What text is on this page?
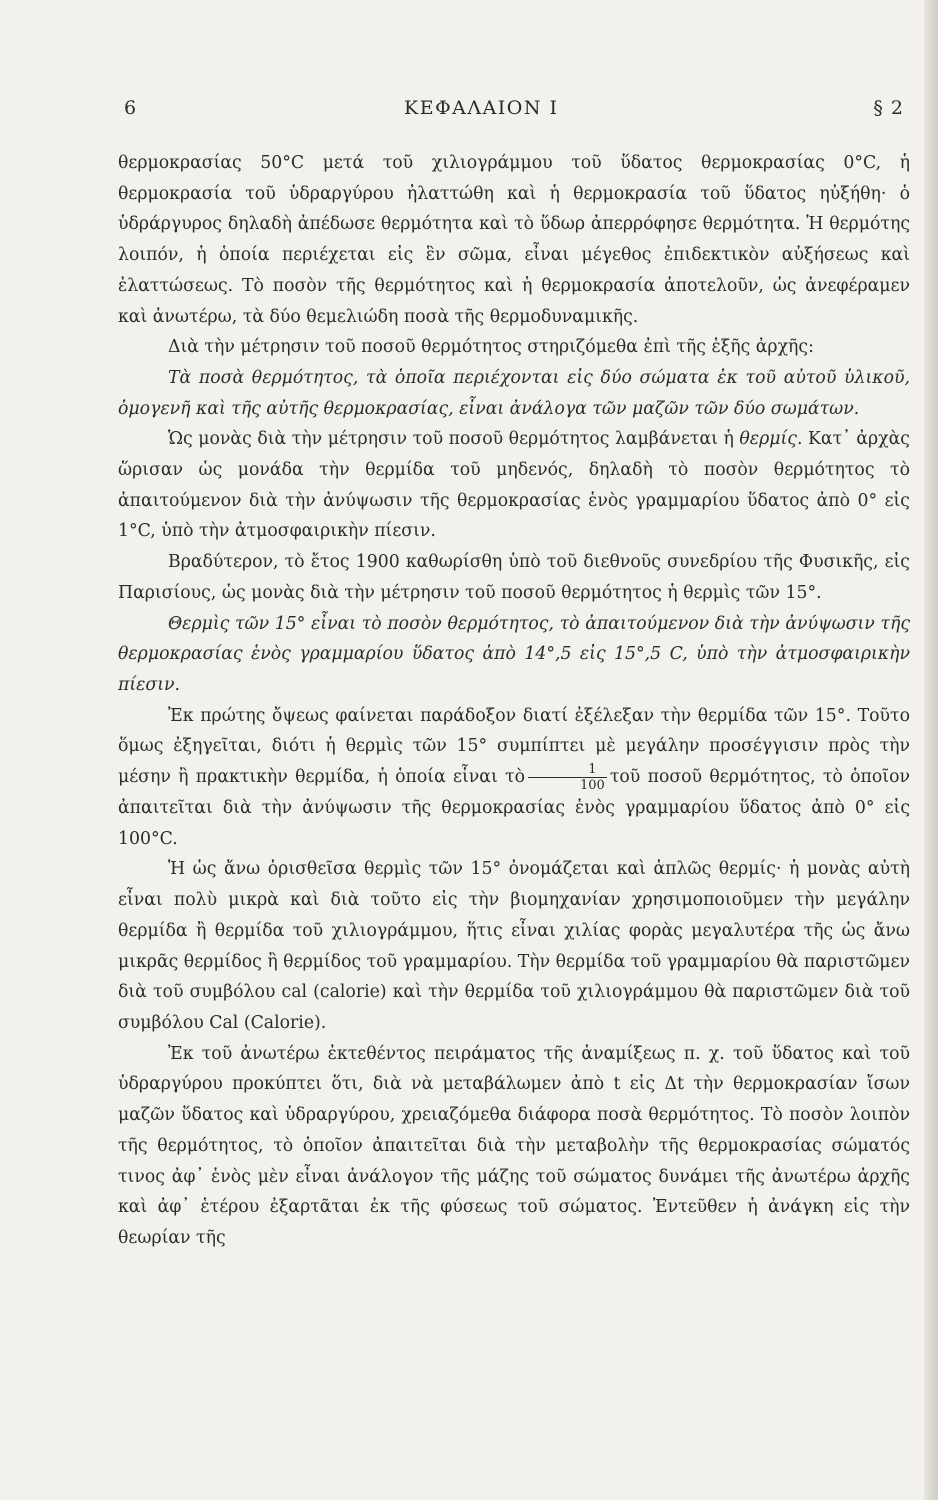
6	ΚΕΦΑΛΑΙΟΝ Ι	§ 2

θερμοκρασίας 50°C μετά τοῦ χιλιογράμμου τοῦ ὕδατος θερμοκρασίας 0°C, ἡ θερμοκρασία τοῦ ὑδραργύρου ἠλαττώθη καὶ ἡ θερμοκρασία τοῦ ὕδατος ηὐξήθη· ὁ ὑδράργυρος δηλαδὴ ἀπέδωσε θερμότητα καὶ τὸ ὕδωρ ἀπερρόφησε θερμότητα. Ἡ θερμότης λοιπόν, ἡ ὁποία περιέχεται εἰς ἓν σῶμα, εἶναι μέγεθος ἐπιδεκτικὸν αὐξήσεως καὶ ἐλαττώσεως. Τὸ ποσὸν τῆς θερμότητος καὶ ἡ θερμοκρασία ἀποτελοῦν, ὡς ἀνεφέραμεν καὶ ἀνωτέρω, τὰ δύο θεμελιώδη ποσὰ τῆς θερμοδυναμικῆς.

Διὰ τὴν μέτρησιν τοῦ ποσοῦ θερμότητος στηριζόμεθα ἐπὶ τῆς ἑξῆς ἀρχῆς:

Τὰ ποσὰ θερμότητος, τὰ ὁποῖα περιέχονται εἰς δύο σώματα ἐκ τοῦ αὐτοῦ ὑλικοῦ, ὁμογενῆ καὶ τῆς αὐτῆς θερμοκρασίας, εἶναι ἀνάλογα τῶν μαζῶν τῶν δύο σωμάτων.

Ὡς μονὰς διὰ τὴν μέτρησιν τοῦ ποσοῦ θερμότητος λαμβάνεται ἡ θερμίς. Κατ᾿ ἀρχὰς ὥρισαν ὡς μονάδα τὴν θερμίδα τοῦ μηδενός, δηλαδὴ τὸ ποσὸν θερμότητος τὸ ἀπαιτούμενον διὰ τὴν ἀνύψωσιν τῆς θερμοκρασίας ἑνὸς γραμμαρίου ὕδατος ἀπὸ 0° εἰς 1°C, ὑπὸ τὴν ἀτμοσφαιρικὴν πίεσιν.

Βραδύτερον, τὸ ἔτος 1900 καθωρίσθη ὑπὸ τοῦ διεθνοῦς συνεδρίου τῆς Φυσικῆς, εἰς Παρισίους, ὡς μονὰς διὰ τὴν μέτρησιν τοῦ ποσοῦ θερμότητος ἡ θερμὶς τῶν 15°.

Θερμὶς τῶν 15° εἶναι τὸ ποσὸν θερμότητος, τὸ ἀπαιτούμενον διὰ τὴν ἀνύψωσιν τῆς θερμοκρασίας ἑνὸς γραμμαρίου ὕδατος ἀπὸ 14°,5 εἰς 15°,5 C, ὑπὸ τὴν ἀτμοσφαιρικὴν πίεσιν.

Ἐκ πρώτης ὄψεως φαίνεται παράδοξον διατί ἐξέλεξαν τὴν θερμίδα τῶν 15°. Τοῦτο ὅμως ἐξηγεῖται, διότι ἡ θερμὶς τῶν 15° συμπίπτει μὲ μεγάλην προσέγγισιν πρὸς τὴν μέσην ἢ πρακτικὴν θερμίδα, ἡ ὁποία εἶναι τὸ $\frac{1}{100}$ τοῦ ποσοῦ θερμότητος, τὸ ὁποῖον ἀπαιτεῖται διὰ τὴν ἀνύψωσιν τῆς θερμοκρασίας ἑνὸς γραμμαρίου ὕδατος ἀπὸ 0° εἰς 100°C.

Ἡ ὡς ἄνω ὁρισθεῖσα θερμὶς τῶν 15° ὀνομάζεται καὶ ἁπλῶς θερμίς· ἡ μονὰς αὐτὴ εἶναι πολὺ μικρὰ καὶ διὰ τοῦτο εἰς τὴν βιομηχανίαν χρησιμοποιοῦμεν τὴν μεγάλην θερμίδα ἢ θερμίδα τοῦ χιλιογράμμου, ἥτις εἶναι χιλίας φορὰς μεγαλυτέρα τῆς ὡς ἄνω μικρᾶς θερμίδος ἢ θερμίδος τοῦ γραμμαρίου. Τὴν θερμίδα τοῦ γραμμαρίου θὰ παριστῶμεν διὰ τοῦ συμβόλου cal (calorie) καὶ τὴν θερμίδα τοῦ χιλιογράμμου θὰ παριστῶμεν διὰ τοῦ συμβόλου Cal (Calorie).

Ἐκ τοῦ ἀνωτέρω ἐκτεθέντος πειράματος τῆς ἀναμίξεως π. χ. τοῦ ὕδατος καὶ τοῦ ὑδραργύρου προκύπτει ὅτι, διὰ νὰ μεταβάλωμεν ἀπὸ t εἰς Δt τὴν θερμοκρασίαν ἴσων μαζῶν ὕδατος καὶ ὑδραργύρου, χρειαζόμεθα διάφορα ποσὰ θερμότητος. Τὸ ποσὸν λοιπὸν τῆς θερμότητος, τὸ ὁποῖον ἀπαιτεῖται διὰ τὴν μεταβολὴν τῆς θερμοκρασίας σώματός τινος ἀφ᾿ ἑνὸς μὲν εἶναι ἀνάλογον τῆς μάζης τοῦ σώματος δυνάμει τῆς ἀνωτέρω ἀρχῆς καὶ ἀφ᾿ ἑτέρου ἐξαρτᾶται ἐκ τῆς φύσεως τοῦ σώματος. Ἐντεῦθεν ἡ ἀνάγκη εἰς τὴν θεωρίαν τῆς
